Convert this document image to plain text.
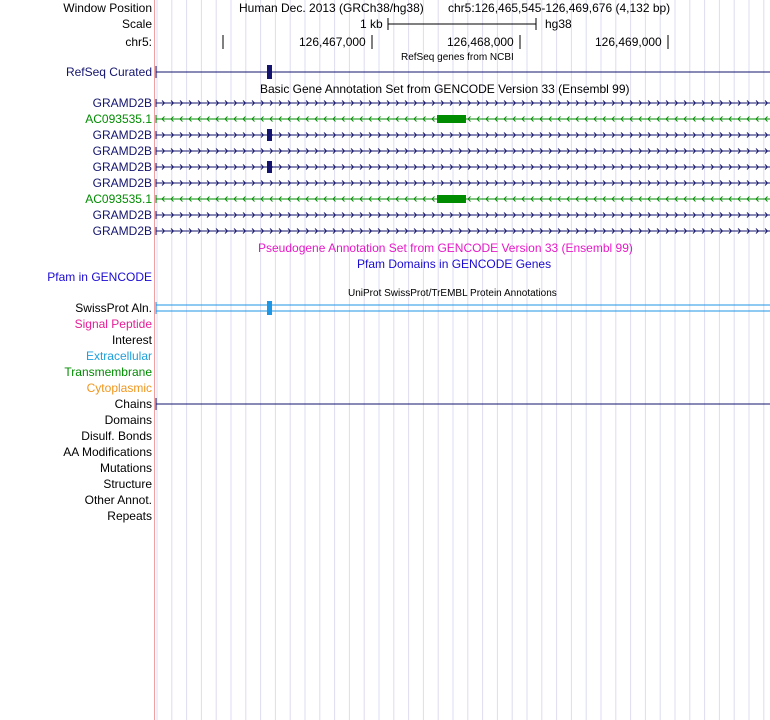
Human Dec. 2013 (GRCh38/hg38) chr5:126,465,545-126,469,676 (4,132 bp)
1 kb	hg38
126,467,000	126,468,000	126,469,000
RefSeq genes from NCBI
Basic Gene Annotation Set from GENCODE Version 33 (Ensembl 99)
Pseudogene Annotation Set from GENCODE Version 33 (Ensembl 99)
Pfam Domains in GENCODE Genes
UniProt SwissProt/TrEMBL Protein Annotations
Window Position
Scale
chr5:
RefSeq Curated
GRAMD2B
AC093535.1
GRAMD2B
GRAMD2B
GRAMD2B
GRAMD2B
AC093535.1
GRAMD2B
GRAMD2B
Pfam in GENCODE
SwissProt Aln.
Signal Peptide
Interest
Extracellular
Transmembrane
Cytoplasmic
Chains
Domains
Disulf. Bonds
AA Modifications
Mutations
Structure
Other Annot.
Repeats
